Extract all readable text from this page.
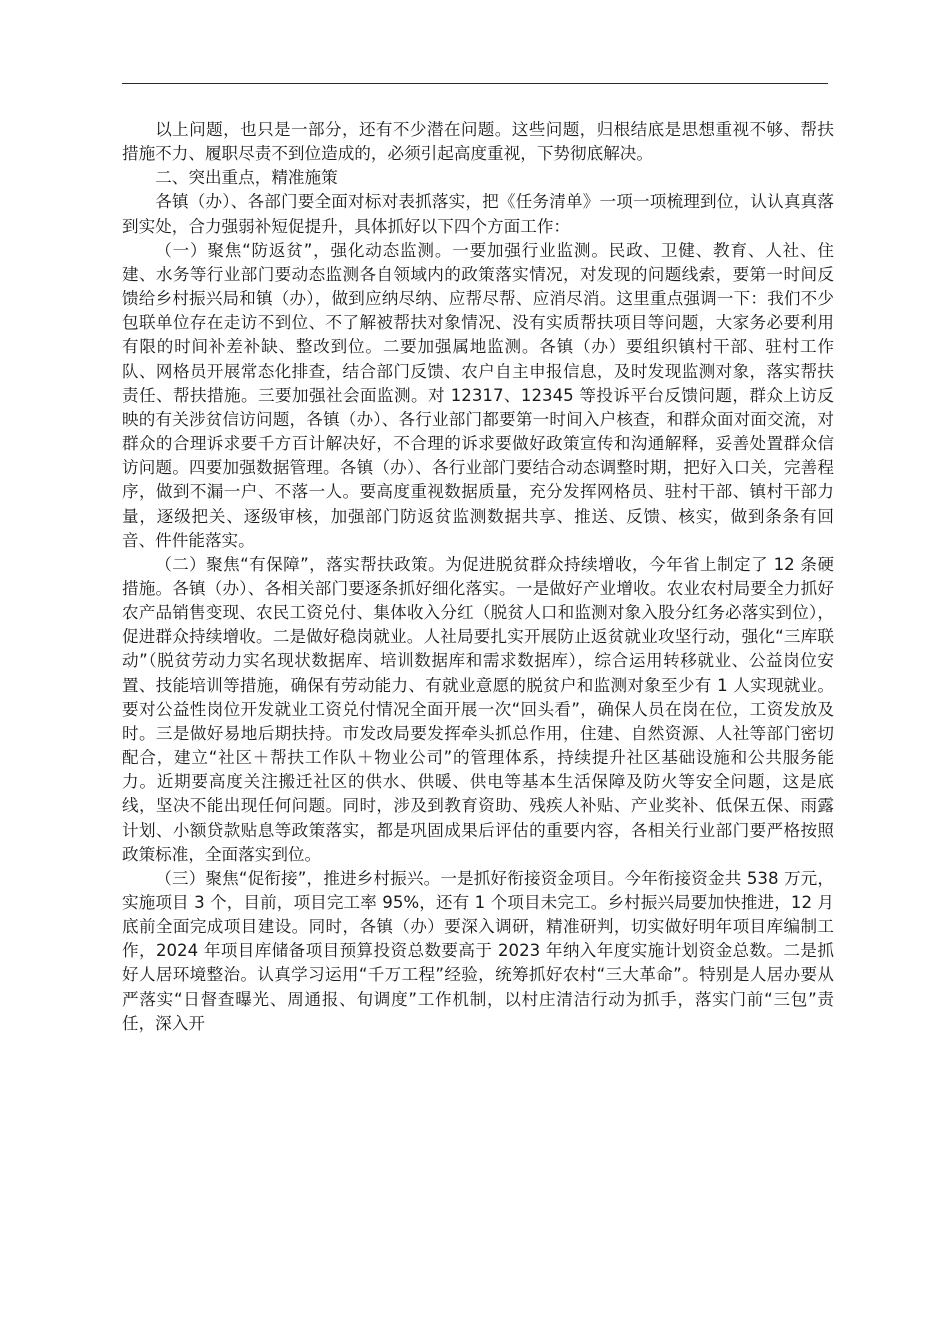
以上问题，也只是一部分，还有不少潜在问题。这些问题，归根结底是思想重视不够、帮扶措施不力、履职尽责不到位造成的，必须引起高度重视，下势彻底解决。

二、突出重点，精准施策

各镇（办）、各部门要全面对标对表抓落实，把《任务清单》一项一项梳理到位，认认真真落到实处，合力强弱补短促提升，具体抓好以下四个方面工作：

（一）聚焦“防返贫”，强化动态监测。一要加强行业监测。民政、卫健、教育、人社、住建、水务等行业部门要动态监测各自领域内的政策落实情况，对发现的问题线索，要第一时间反馈给乡村振兴局和镇（办），做到应纳尽纳、应帮尽帮、应消尽消。这里重点强调一下：我们不少包联单位存在走访不到位、不了解被帮扶对象情况、没有实质帮扶项目等问题，大家务必要利用有限的时间补差补缺、整改到位。二要加强属地监测。各镇（办）要组织镇村干部、驻村工作队、网格员开展常态化排查，结合部门反馈、农户自主申报信息，及时发现监测对象，落实帮扶责任、帮扶措施。三要加强社会面监测。对 12317、12345 等投诉平台反馈问题，群众上访反映的有关涉贫信访问题，各镇（办）、各行业部门都要第一时间入户核查，和群众面对面交流，对群众的合理诉求要千方百计解决好，不合理的诉求要做好政策宣传和沟通解释，妥善处置群众信访问题。四要加强数据管理。各镇（办）、各行业部门要结合动态调整时期，把好入口关，完善程序，做到不漏一户、不落一人。要高度重视数据质量，充分发挥网格员、驻村干部、镇村干部力量，逐级把关、逐级审核，加强部门防返贫监测数据共享、推送、反馈、核实，做到条条有回音、件件能落实。

（二）聚焦“有保障”，落实帮扶政策。为促进脱贫群众持续增收，今年省上制定了 12 条硬措施。各镇（办）、各相关部门要逐条抓好细化落实。一是做好产业增收。农业农村局要全力抓好农产品销售变现、农民工资兑付、集体收入分红（脱贫人口和监测对象入股分红务必落实到位），促进群众持续增收。二是做好稳岗就业。人社局要扎实开展防止返贫就业攻坚行动，强化“三库联动”（脱贫劳动力实名现状数据库、培训数据库和需求数据库），综合运用转移就业、公益岗位安置、技能培训等措施，确保有劳动能力、有就业意愿的脱贫户和监测对象至少有 1 人实现就业。要对公益性岗位开发就业工资兑付情况全面开展一次“回头看”，确保人员在岗在位，工资发放及时。三是做好易地后期扶持。市发改局要发挥牵头抓总作用，住建、自然资源、人社等部门密切配合，建立“社区＋帮扶工作队＋物业公司”的管理体系，持续提升社区基础设施和公共服务能力。近期要高度关注搬迁社区的供水、供暖、供电等基本生活保障及防火等安全问题，这是底线，坚决不能出现任何问题。同时，涉及到教育资助、残疾人补贴、产业奖补、低保五保、雨露计划、小额贷款贴息等政策落实，都是巩固成果后评估的重要内容，各相关行业部门要严格按照政策标准，全面落实到位。

（三）聚焦“促衔接”，推进乡村振兴。一是抓好衔接资金项目。今年衔接资金共 538 万元，实施项目 3 个，目前，项目完工率 95%，还有 1 个项目未完工。乡村振兴局要加快推进，12 月底前全面完成项目建设。同时，各镇（办）要深入调研，精准研判，切实做好明年项目库编制工作，2024 年项目库储备项目预算投资总数要高于 2023 年纳入年度实施计划资金总数。二是抓好人居环境整治。认真学习运用“千万工程”经验，统筹抓好农村“三大革命”。特别是人居办要从严落实“日督查曝光、周通报、旬调度”工作机制，以村庄清洁行动为抓手，落实门前“三包”责任，深入开
